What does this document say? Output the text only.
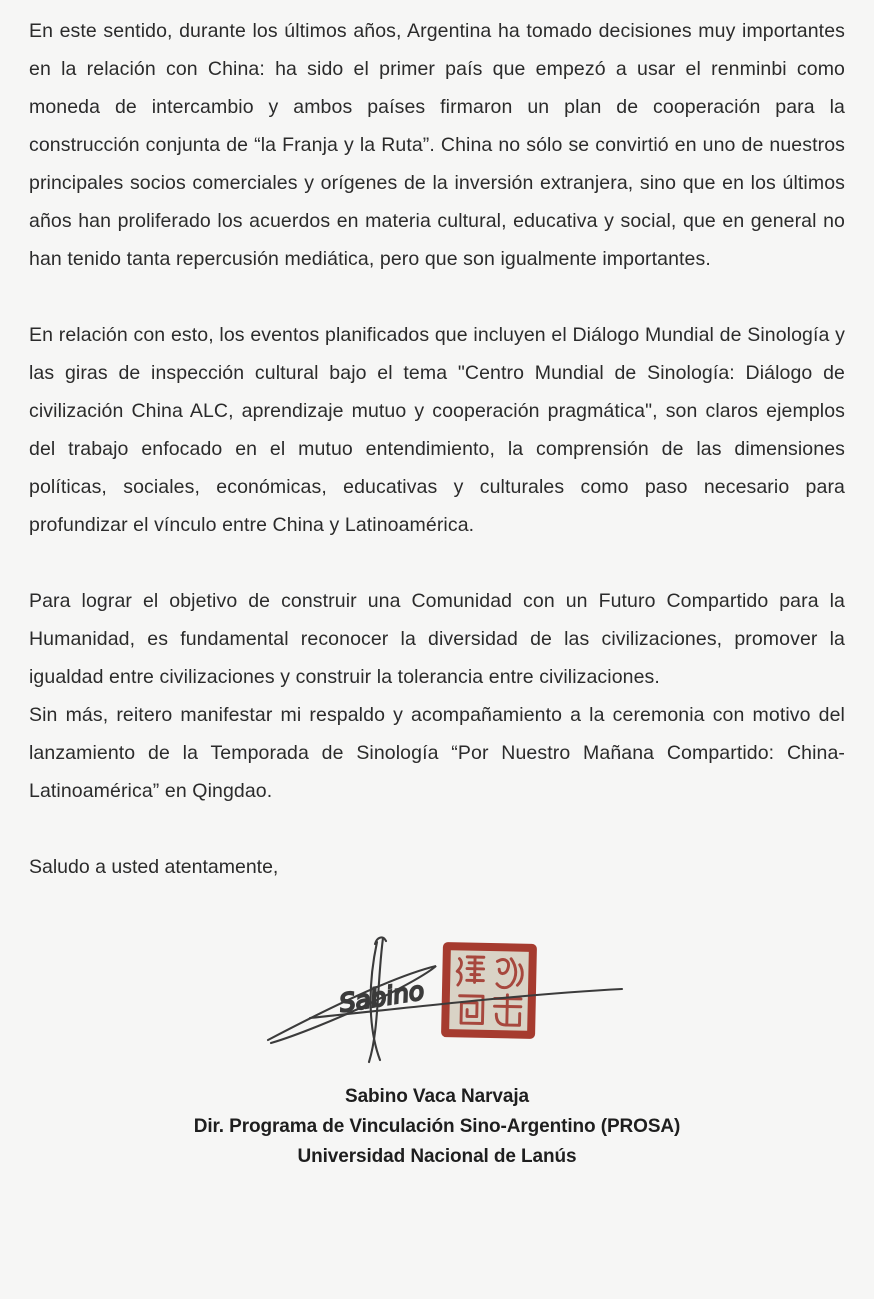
En este sentido, durante los últimos años, Argentina ha tomado decisiones muy importantes en la relación con China: ha sido el primer país que empezó a usar el renminbi como moneda de intercambio y ambos países firmaron un plan de cooperación para la construcción conjunta de “la Franja y la Ruta”. China no sólo se convirtió en uno de nuestros principales socios comerciales y orígenes de la inversión extranjera, sino que en los últimos años han proliferado los acuerdos en materia cultural, educativa y social, que en general no han tenido tanta repercusión mediática, pero que son igualmente importantes.

En relación con esto, los eventos planificados que incluyen el Diálogo Mundial de Sinología y las giras de inspección cultural bajo el tema "Centro Mundial de Sinología: Diálogo de civilización China ALC, aprendizaje mutuo y cooperación pragmática", son claros ejemplos del trabajo enfocado en el mutuo entendimiento, la comprensión de las dimensiones políticas, sociales, económicas, educativas y culturales como paso necesario para profundizar el vínculo entre China y Latinoamérica.

Para lograr el objetivo de construir una Comunidad con un Futuro Compartido para la Humanidad, es fundamental reconocer la diversidad de las civilizaciones, promover la igualdad entre civilizaciones y construir la tolerancia entre civilizaciones.

Sin más, reitero manifestar mi respaldo y acompañamiento a la ceremonia con motivo del lanzamiento de la Temporada de Sinología “Por Nuestro Mañana Compartido: China-Latinoamérica” en Qingdao.

Saludo a usted atentamente,

Sabino
Sabino Vaca Narvaja
Dir. Programa de Vinculación Sino-Argentino (PROSA)
Universidad Nacional de Lanús
